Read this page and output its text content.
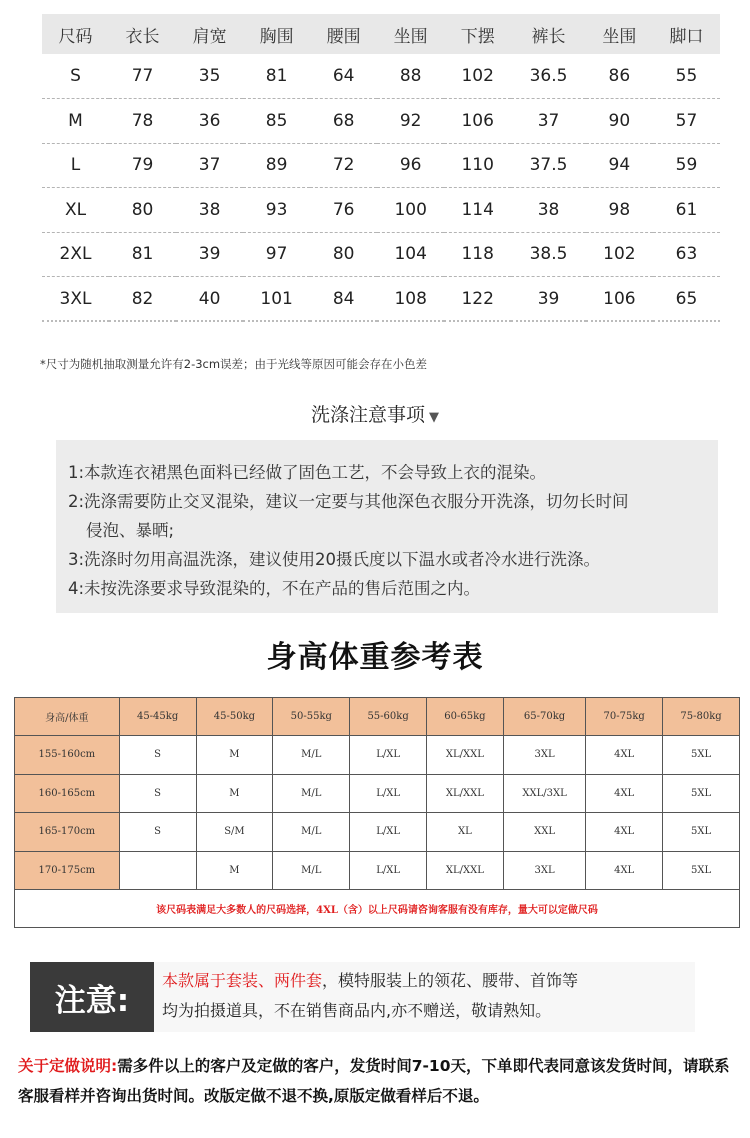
尺码	衣长	肩宽	胸围	腰围	坐围	下摆	裤长	坐围	脚口
S	77	35	81	64	88	102	36.5	86	55
M	78	36	85	68	92	106	37	90	57
L	79	37	89	72	96	110	37.5	94	59
XL	80	38	93	76	100	114	38	98	61
2XL	81	39	97	80	104	118	38.5	102	63
3XL	82	40	101	84	108	122	39	106	65
*尺寸为随机抽取测量允许有2-3cm误差；由于光线等原因可能会存在小色差
洗涤注意事项 ▼

1:本款连衣裙黑色面料已经做了固色工艺，不会导致上衣的混染。

2:洗涤需要防止交叉混染，建议一定要与其他深色衣服分开洗涤，切勿长时间

侵泡、暴晒;

3:洗涤时勿用高温洗涤，建议使用20摄氏度以下温水或者冷水进行洗涤。

4:未按洗涤要求导致混染的，不在产品的售后范围之内。

身高体重参考表
身高/体重	45-45kg	45-50kg	50-55kg	55-60kg	60-65kg	65-70kg	70-75kg	75-80kg
155-160cm	S	M	M/L	L/XL	XL/XXL	3XL	4XL	5XL
160-165cm	S	M	M/L	L/XL	XL/XXL	XXL/3XL	4XL	5XL
165-170cm	S	S/M	M/L	L/XL	XL	XXL	4XL	5XL
170-175cm		M	M/L	L/XL	XL/XXL	3XL	4XL	5XL
该尺码表满足大多数人的尺码选择，4XL（含）以上尺码请咨询客服有没有库存，量大可以定做尺码								
注意:
本款属于套装、两件套，模特服装上的领花、腰带、首饰等
均为拍摄道具，不在销售商品内,亦不赠送，敬请熟知。
关于定做说明:需多件以上的客户及定做的客户，发货时间7-10天，下单即代表同意该发货时间，请联系客服看样并咨询出货时间。改版定做不退不换,原版定做看样后不退。
